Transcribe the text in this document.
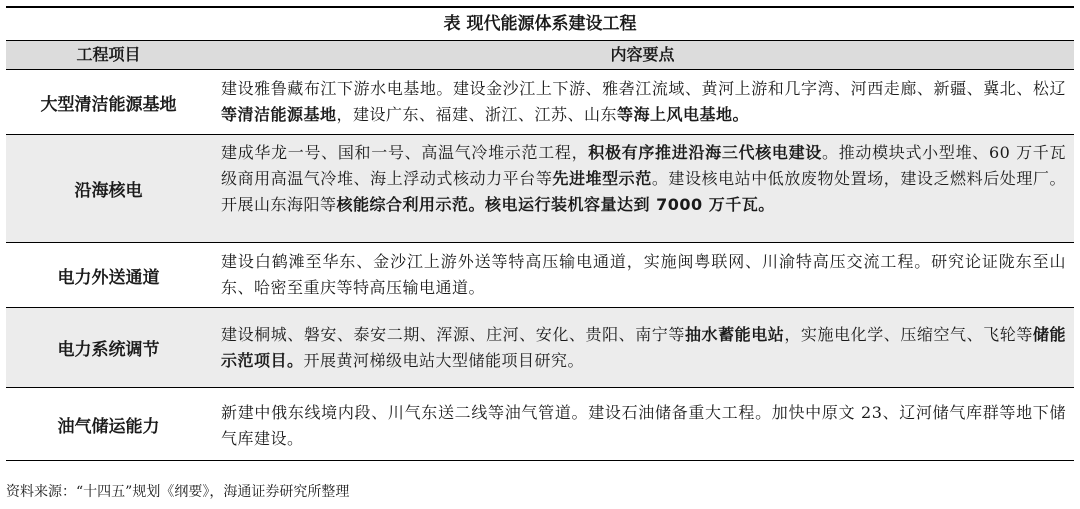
表 现代能源体系建设工程
工程项目	内容要点
大型清洁能源基地
建设雅鲁藏布江下游水电基地。建设金沙江上下游、雅砻江流域、黄河上游和几字湾、河西走廊、新疆、冀北、松辽等清洁能源基地，建设广东、福建、浙江、江苏、山东等海上风电基地。
沿海核电
建成华龙一号、国和一号、高温气冷堆示范工程，积极有序推进沿海三代核电建设。推动模块式小型堆、60 万千瓦级商用高温气冷堆、海上浮动式核动力平台等先进堆型示范。建设核电站中低放废物处置场，建设乏燃料后处理厂。开展山东海阳等核能综合利用示范。核电运行装机容量达到 7000 万千瓦。
电力外送通道
建设白鹤滩至华东、金沙江上游外送等特高压输电通道，实施闽粤联网、川渝特高压交流工程。研究论证陇东至山东、哈密至重庆等特高压输电通道。
电力系统调节
建设桐城、磐安、泰安二期、浑源、庄河、安化、贵阳、南宁等抽水蓄能电站，实施电化学、压缩空气、飞轮等储能示范项目。开展黄河梯级电站大型储能项目研究。
油气储运能力
新建中俄东线境内段、川气东送二线等油气管道。建设石油储备重大工程。加快中原文 23、辽河储气库群等地下储气库建设。
资料来源：“十四五”规划《纲要》，海通证券研究所整理
